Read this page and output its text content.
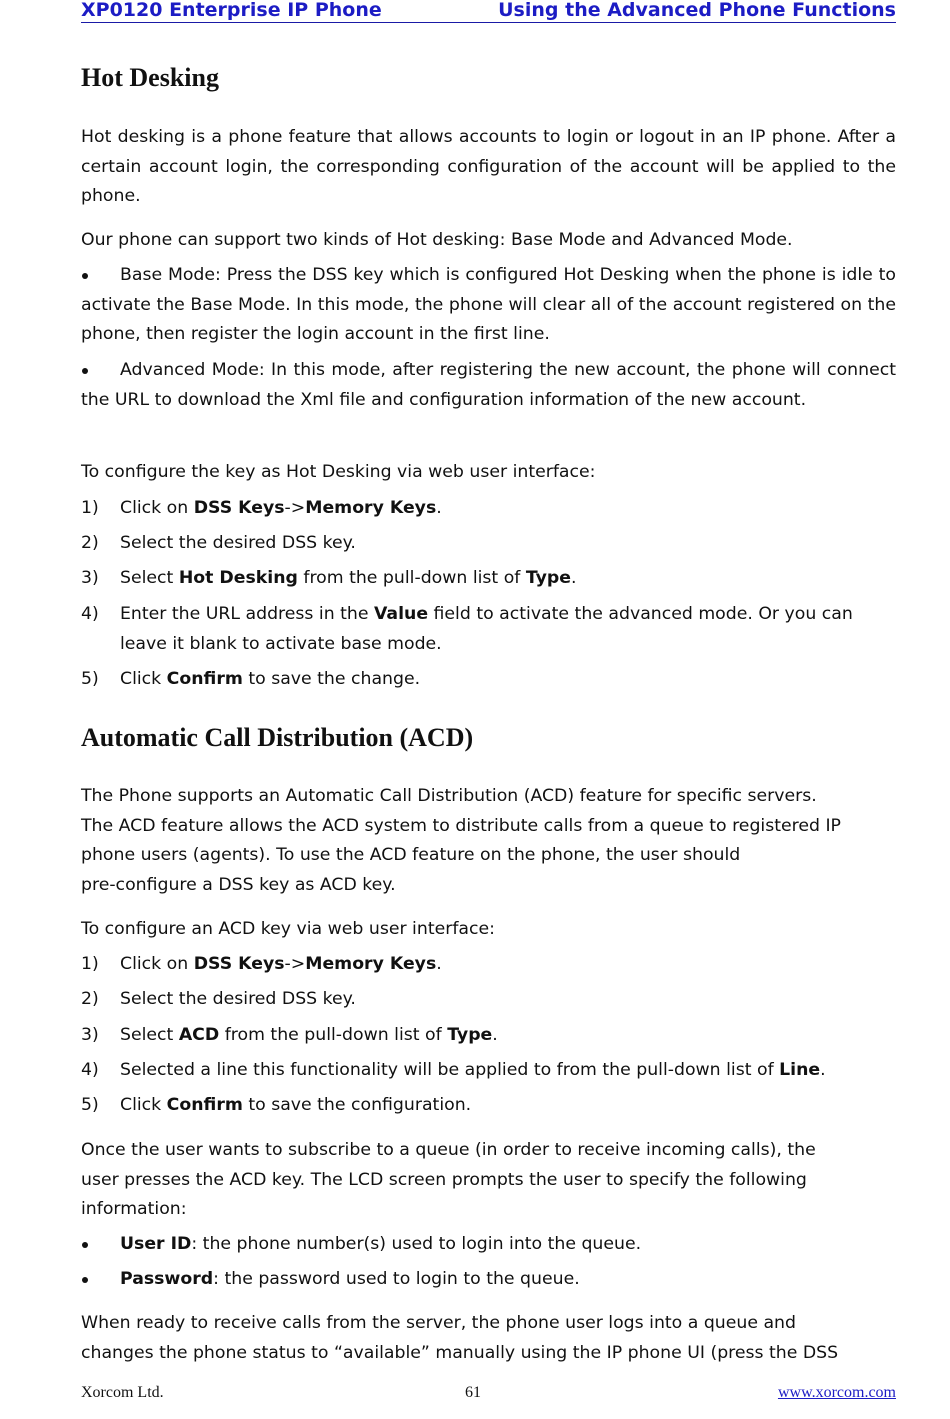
XP0120 Enterprise IP Phone	Using the Advanced Phone Functions
Hot Desking

Hot desking is a phone feature that allows accounts to login or logout in an IP phone. After a certain account login, the corresponding configuration of the account will be applied to the phone.

Our phone can support two kinds of Hot desking: Base Mode and Advanced Mode.

Base Mode: Press the DSS key which is configured Hot Desking when the phone is idle to activate the Base Mode. In this mode, the phone will clear all of the account registered on the phone, then register the login account in the first line.
Advanced Mode: In this mode, after registering the new account, the phone will connect the URL to download the Xml file and configuration information of the new account.

To configure the key as Hot Desking via web user interface:

1) Click on DSS Keys->Memory Keys.
2) Select the desired DSS key.
3) Select Hot Desking from the pull-down list of Type.
4) Enter the URL address in the Value field to activate the advanced mode. Or you can leave it blank to activate base mode.
5) Click Confirm to save the change.
Automatic Call Distribution (ACD)
The Phone supports an Automatic Call Distribution (ACD) feature for specific servers.
The ACD feature allows the ACD system to distribute calls from a queue to registered IP
phone users (agents). To use the ACD feature on the phone, the user should
pre-configure a DSS key as ACD key.

To configure an ACD key via web user interface:

1) Click on DSS Keys->Memory Keys.
2) Select the desired DSS key.
3) Select ACD from the pull-down list of Type.
4) Selected a line this functionality will be applied to from the pull-down list of Line.
5) Click Confirm to save the configuration.
Once the user wants to subscribe to a queue (in order to receive incoming calls), the
user presses the ACD key. The LCD screen prompts the user to specify the following
information:
User ID: the phone number(s) used to login into the queue.
Password: the password used to login to the queue.
When ready to receive calls from the server, the phone user logs into a queue and
changes the phone status to “available” manually using the IP phone UI (press the DSS
Xorcom Ltd.	61	www.xorcom.com
